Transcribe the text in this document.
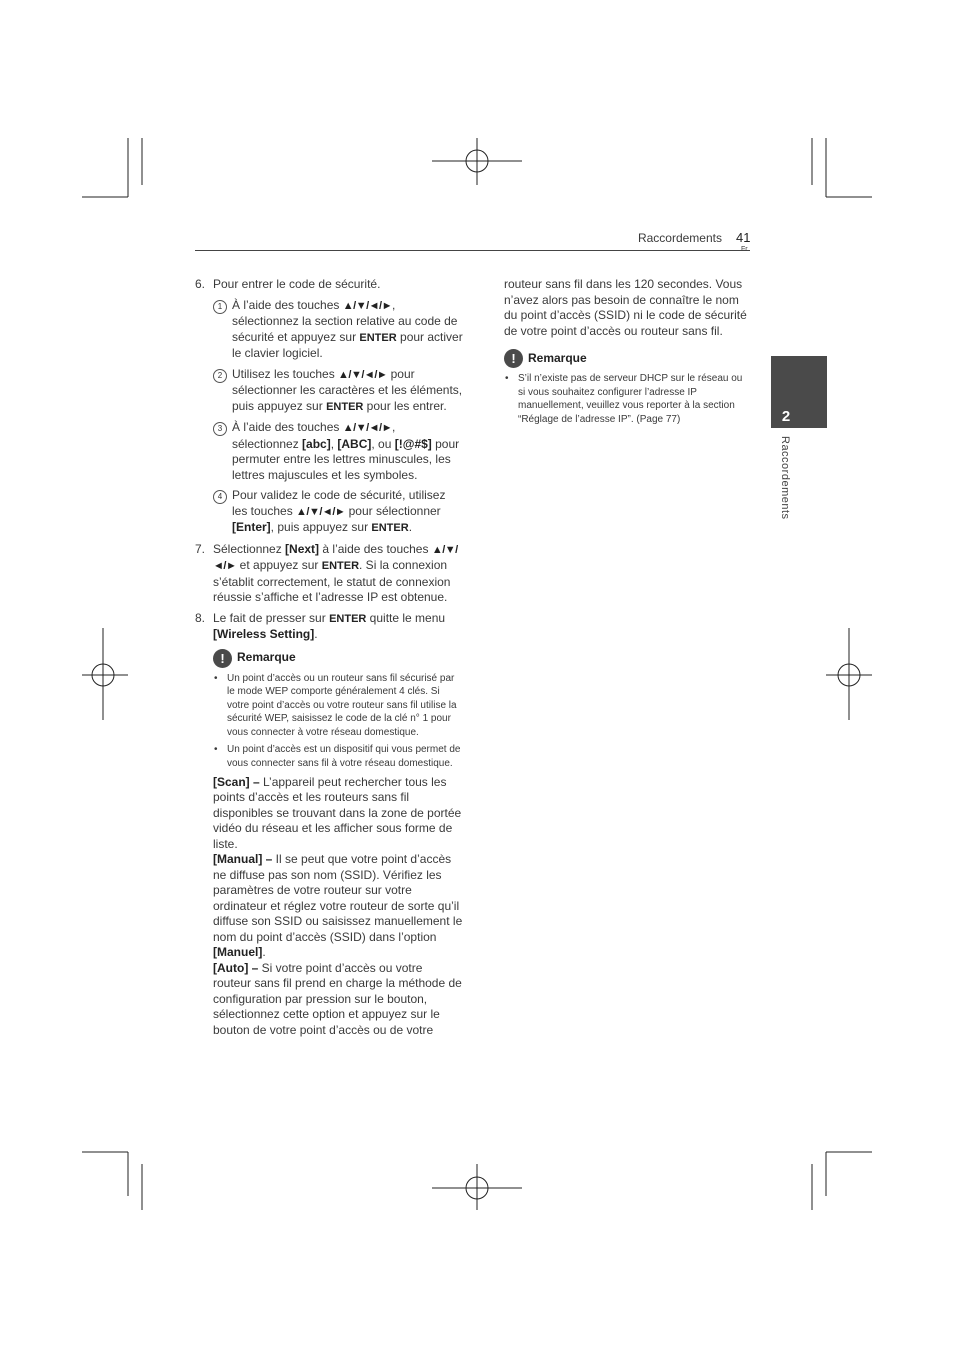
Raccordements 41
Fr
2
Raccordements
6. Pour entrer le code de sécurité.
1 À l’aide des touches ▲/▼/◄/►, sélectionnez la section relative au code de sécurité et appuyez sur ENTER pour activer le clavier logiciel.
2 Utilisez les touches ▲/▼/◄/► pour sélectionner les caractères et les éléments, puis appuyez sur ENTER pour les entrer.
3 À l’aide des touches ▲/▼/◄/►, sélectionnez [abc], [ABC], ou [!@#$] pour permuter entre les lettres minuscules, les lettres majuscules et les symboles.
4 Pour validez le code de sécurité, utilisez les touches ▲/▼/◄/► pour sélectionner [Enter], puis appuyez sur ENTER.
7. Sélectionnez [Next] à l’aide des touches ▲/▼/◄/► et appuyez sur ENTER. Si la connexion s’établit correctement, le statut de connexion réussie s’affiche et l’adresse IP est obtenue.
8. Le fait de presser sur ENTER quitte le menu [Wireless Setting].
!	Remarque
• Un point d’accès ou un routeur sans fil sécurisé par le mode WEP comporte généralement 4 clés. Si votre point d’accès ou votre routeur sans fil utilise la sécurité WEP, saisissez le code de la clé n° 1 pour vous connecter à votre réseau domestique.
• Un point d’accès est un dispositif qui vous permet de vous connecter sans fil à votre réseau domestique.

[Scan] – L’appareil peut rechercher tous les points d’accès et les routeurs sans fil disponibles se trouvant dans la zone de portée vidéo du réseau et les afficher sous forme de liste.

[Manual] – Il se peut que votre point d’accès ne diffuse pas son nom (SSID). Vérifiez les paramètres de votre routeur sur votre ordinateur et réglez votre routeur de sorte qu’il diffuse son SSID ou saisissez manuellement le nom du point d’accès (SSID) dans l’option [Manuel].

[Auto] – Si votre point d’accès ou votre routeur sans fil prend en charge la méthode de configuration par pression sur le bouton, sélectionnez cette option et appuyez sur le bouton de votre point d’accès ou de votre

routeur sans fil dans les 120 secondes. Vous n’avez alors pas besoin de connaître le nom du point d’accès (SSID) ni le code de sécurité de votre point d’accès ou routeur sans fil.

!	Remarque
• S’il n’existe pas de serveur DHCP sur le réseau ou si vous souhaitez configurer l’adresse IP manuellement, veuillez vous reporter à la section “Réglage de l’adresse IP”. (Page 77)
